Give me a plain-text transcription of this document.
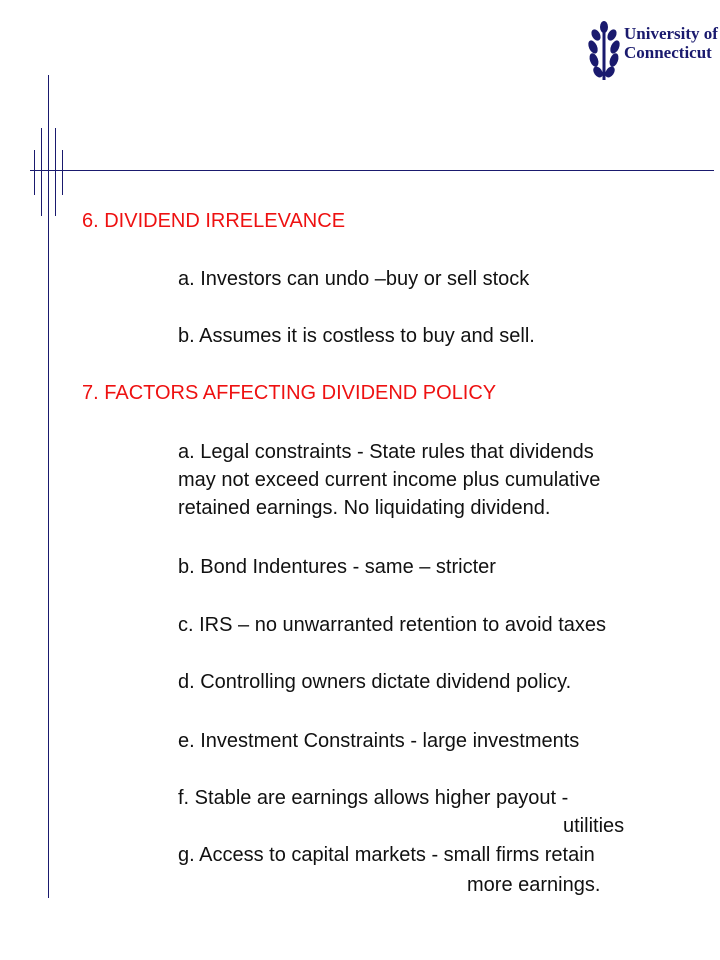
University of
Connecticut
6. DIVIDEND IRRELEVANCE
a. Investors can undo –buy or sell stock
b. Assumes it is costless to buy and sell.
7. FACTORS AFFECTING DIVIDEND POLICY
a. Legal constraints - State rules that dividends
may not exceed current income plus cumulative
retained earnings. No liquidating dividend.
b. Bond Indentures - same – stricter
c. IRS – no unwarranted retention to avoid taxes
d. Controlling owners dictate dividend policy.
e. Investment Constraints - large investments
f. Stable are earnings allows higher payout -
utilities
g. Access to capital markets - small firms retain
more earnings.
